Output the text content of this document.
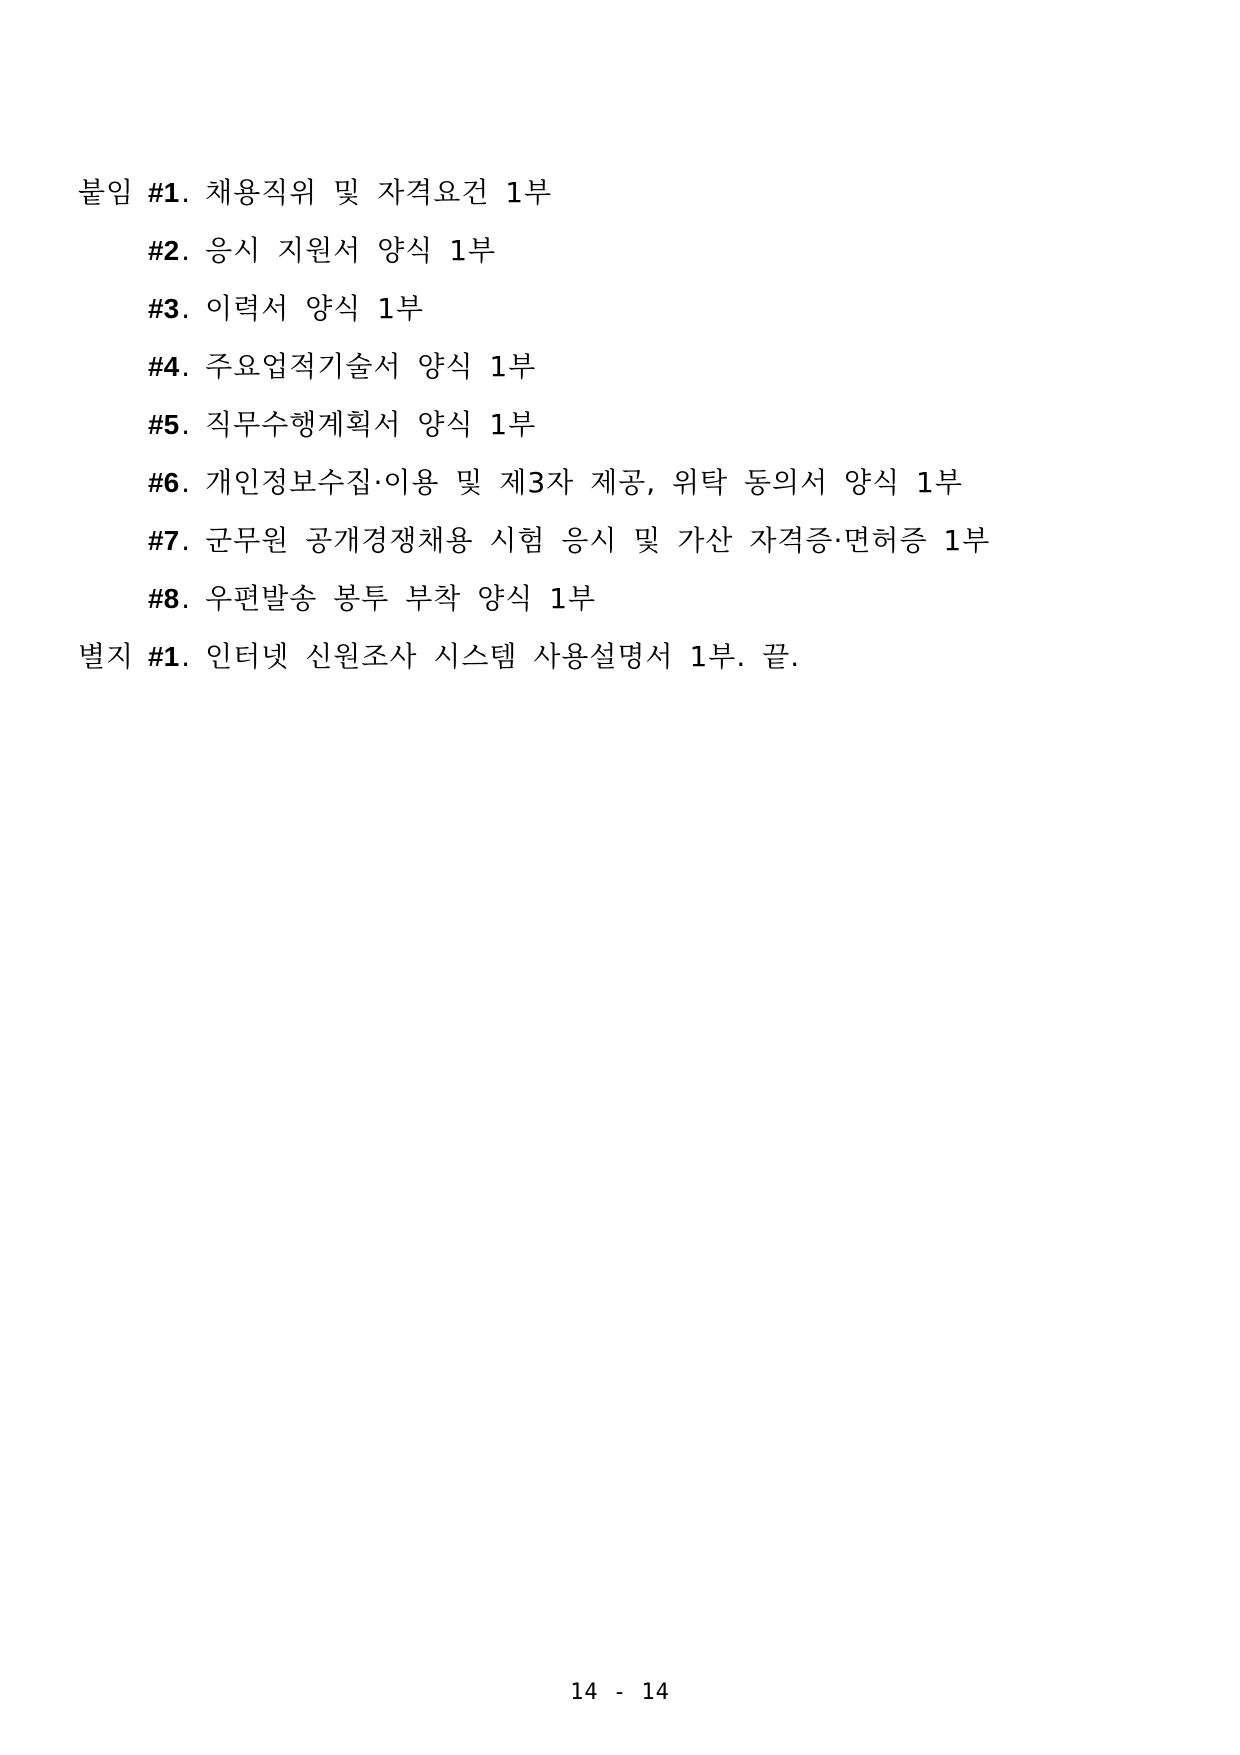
붙임 #1 . 채용직위 및 자격요건 1부
#2 . 응시 지원서 양식 1부
#3 . 이력서 양식 1부
#4 . 주요업적기술서 양식 1부
#5 . 직무수행계획서 양식 1부
#6 . 개인정보수집·이용 및 제3자 제공, 위탁 동의서 양식 1부
#7 . 군무원 공개경쟁채용 시험 응시 및 가산 자격증·면허증 1부
#8 . 우편발송 봉투 부착 양식 1부
별지 #1 . 인터넷 신원조사 시스템 사용설명서 1부. 끝.
14 - 14
